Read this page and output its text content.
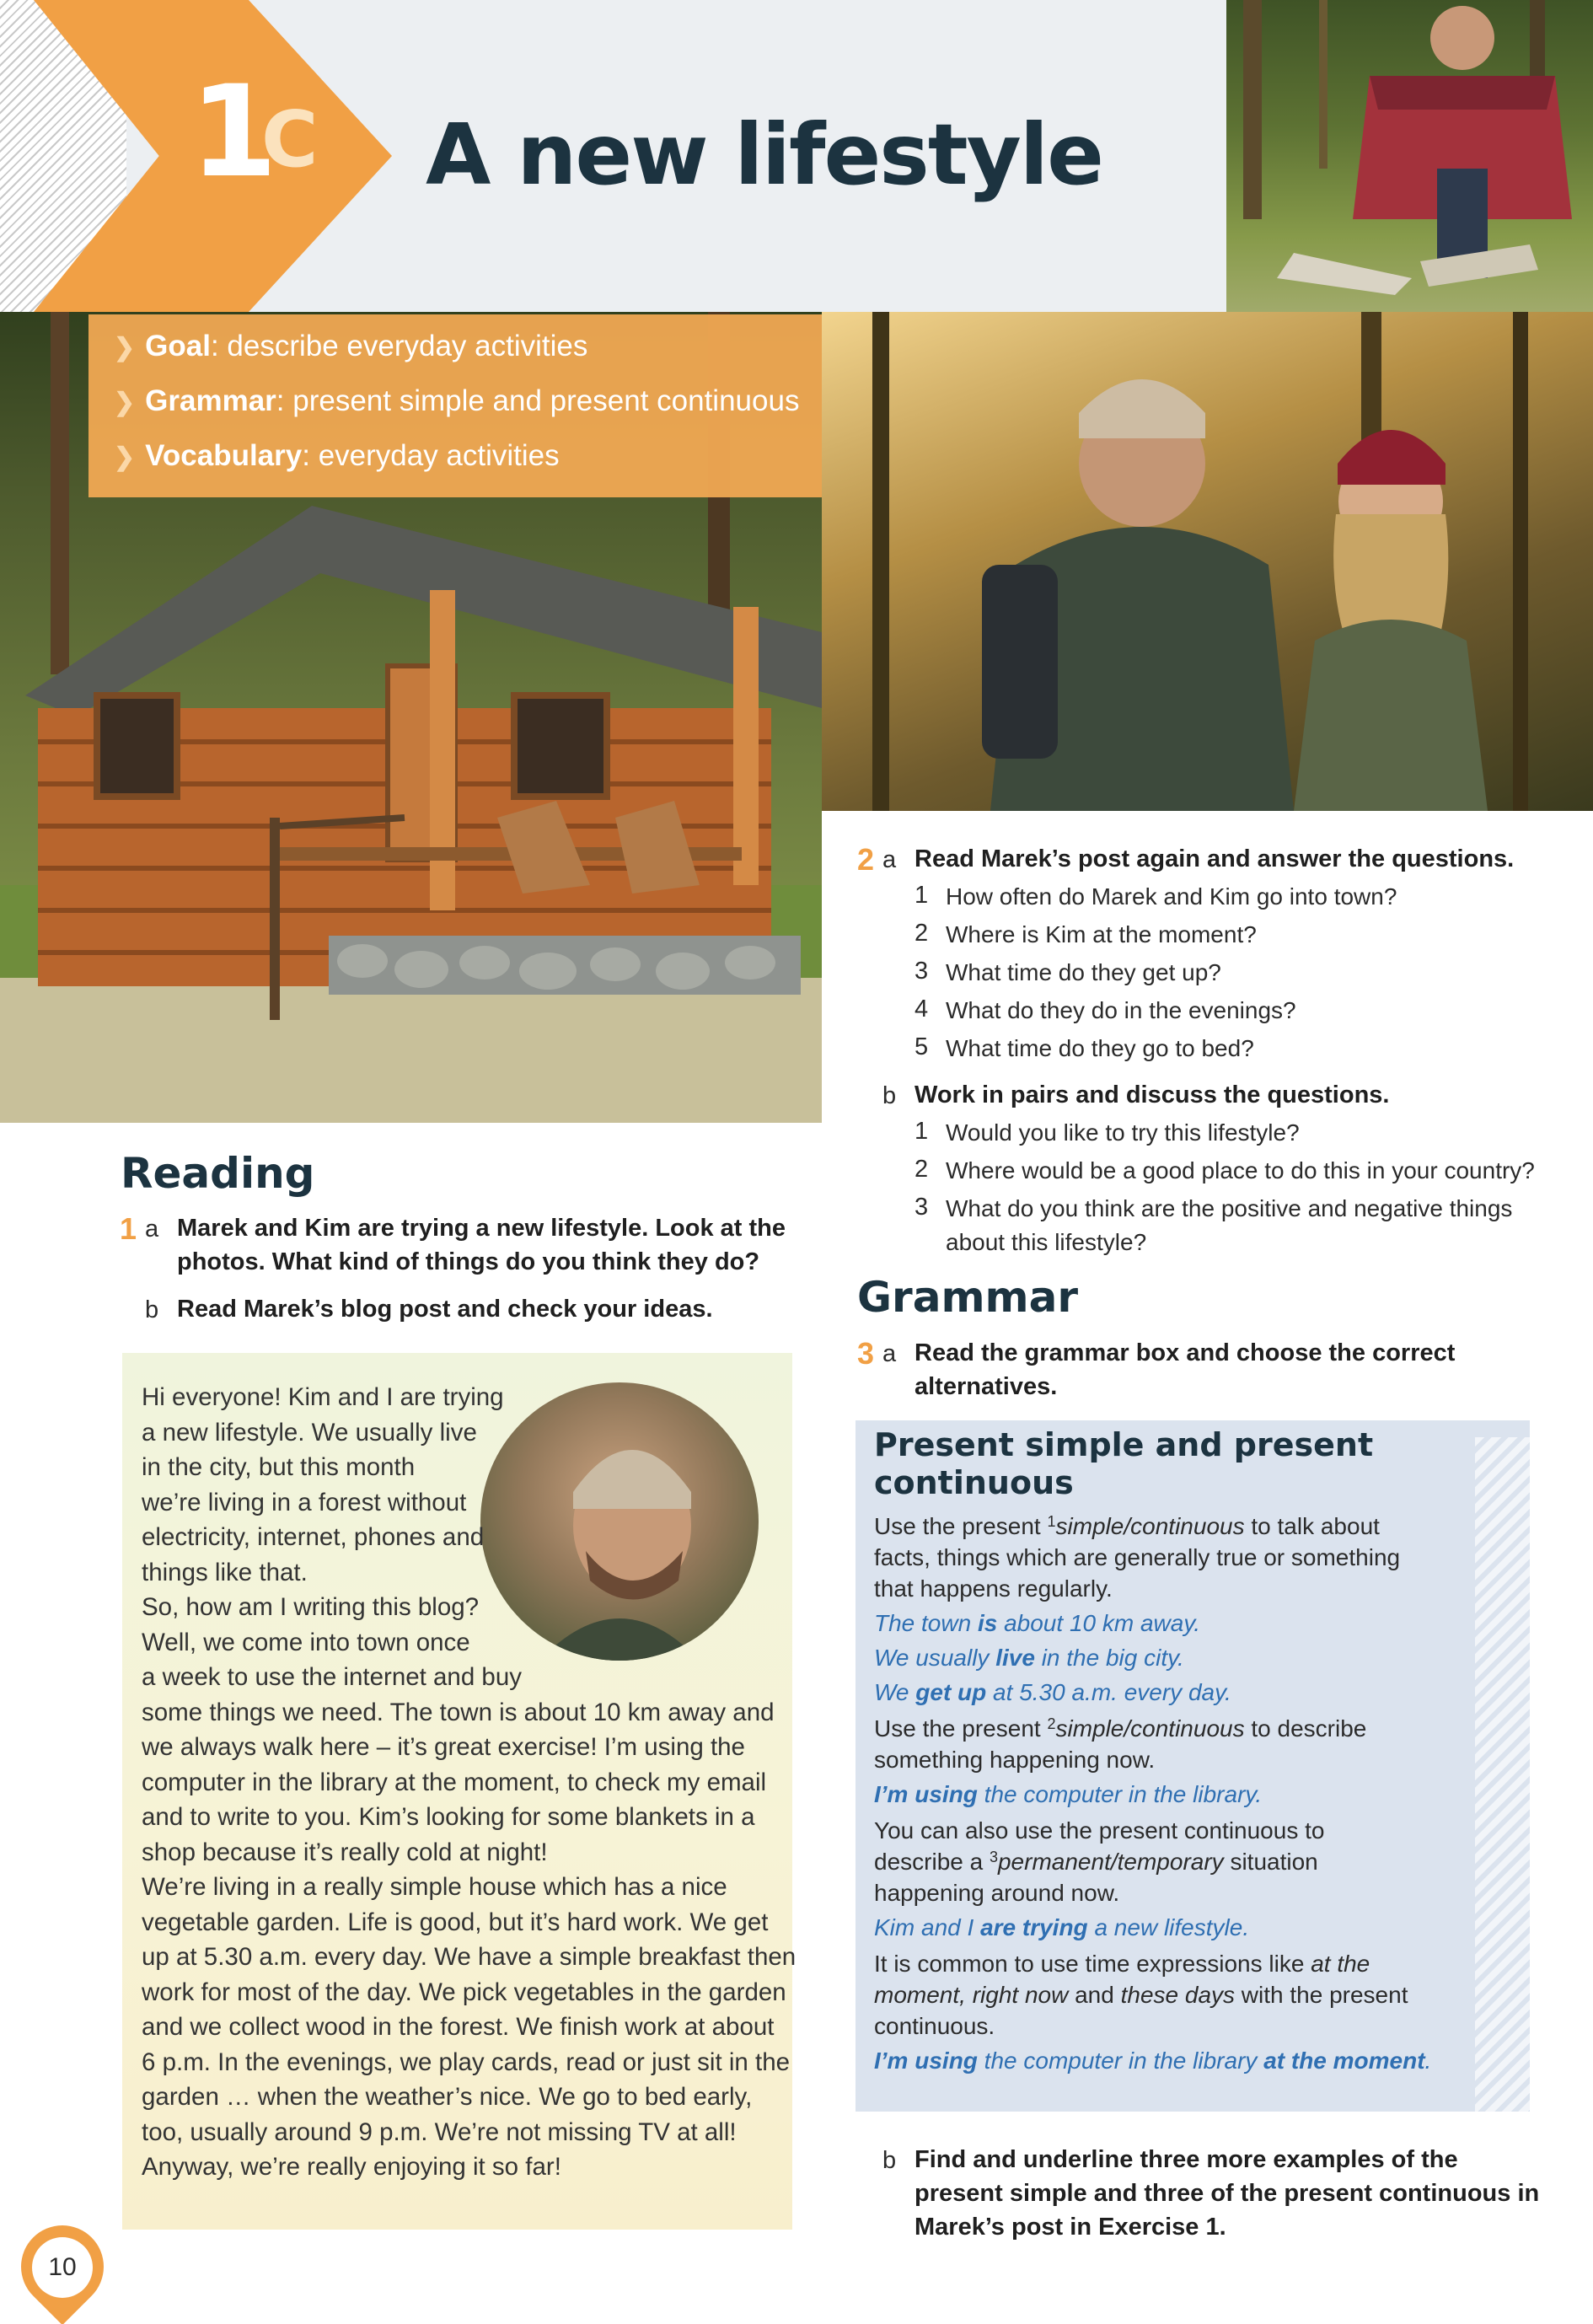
1
C A new lifestyle
❯ Goal : describe everyday activities
❯ Grammar : present simple and present continuous
❯ Vocabulary : everyday activities
Reading
1 a Marek and Kim are trying a new lifestyle. Look at the
photos. What kind of things do you think they do?
b Read Marek’s blog post and check your ideas.
Hi everyone! Kim and I are trying
a new lifestyle. We usually live
in the city, but this month
we’re living in a forest without
electricity, internet, phones and
things like that.
So, how am I writing this blog?
Well, we come into town once
a week to use the internet and buy
some things we need. The town is about 10 km away and
we always walk here – it’s great exercise! I’m using the
computer in the library at the moment, to check my email
and to write to you. Kim’s looking for some blankets in a
shop because it’s really cold at night!
We’re living in a really simple house which has a nice
vegetable garden. Life is good, but it’s hard work. We get
up at 5.30 a.m. every day. We have a simple breakfast then
work for most of the day. We pick vegetables in the garden
and we collect wood in the forest. We finish work at about
6 p.m. In the evenings, we play cards, read or just sit in the
garden … when the weather’s nice. We go to bed early,
too, usually around 9 p.m. We’re not missing TV at all!
Anyway, we’re really enjoying it so far!
2 a Read Marek’s post again and answer the questions.
1 How often do Marek and Kim go into town?
2 Where is Kim at the moment?
3 What time do they get up?
4 What do they do in the evenings?
5 What time do they go to bed?
b Work in pairs and discuss the questions.
1 Would you like to try this lifestyle?
2 Where would be a good place to do this in your country?
3 What do you think are the positive and negative things
about this lifestyle?
Grammar
3 a Read the grammar box and choose the correct
alternatives.
Present simple and present
continuous
Use the present $^1$simple/continuous to talk about
facts, things which are generally true or something
that happens regularly.
The town is about 10 km away.
We usually live in the big city.
We get up at 5.30 a.m. every day.
Use the present $^2$simple/continuous to describe
something happening now.
I’m using the computer in the library.
You can also use the present continuous to
describe a $^3$permanent/temporary situation
happening around now.
Kim and I are trying a new lifestyle.
It is common to use time expressions like at the
moment, right now and these days with the present
continuous.
I’m using the computer in the library at the moment.
b Find and underline three more examples of the
present simple and three of the present continuous in
Marek’s post in Exercise 1.
10
